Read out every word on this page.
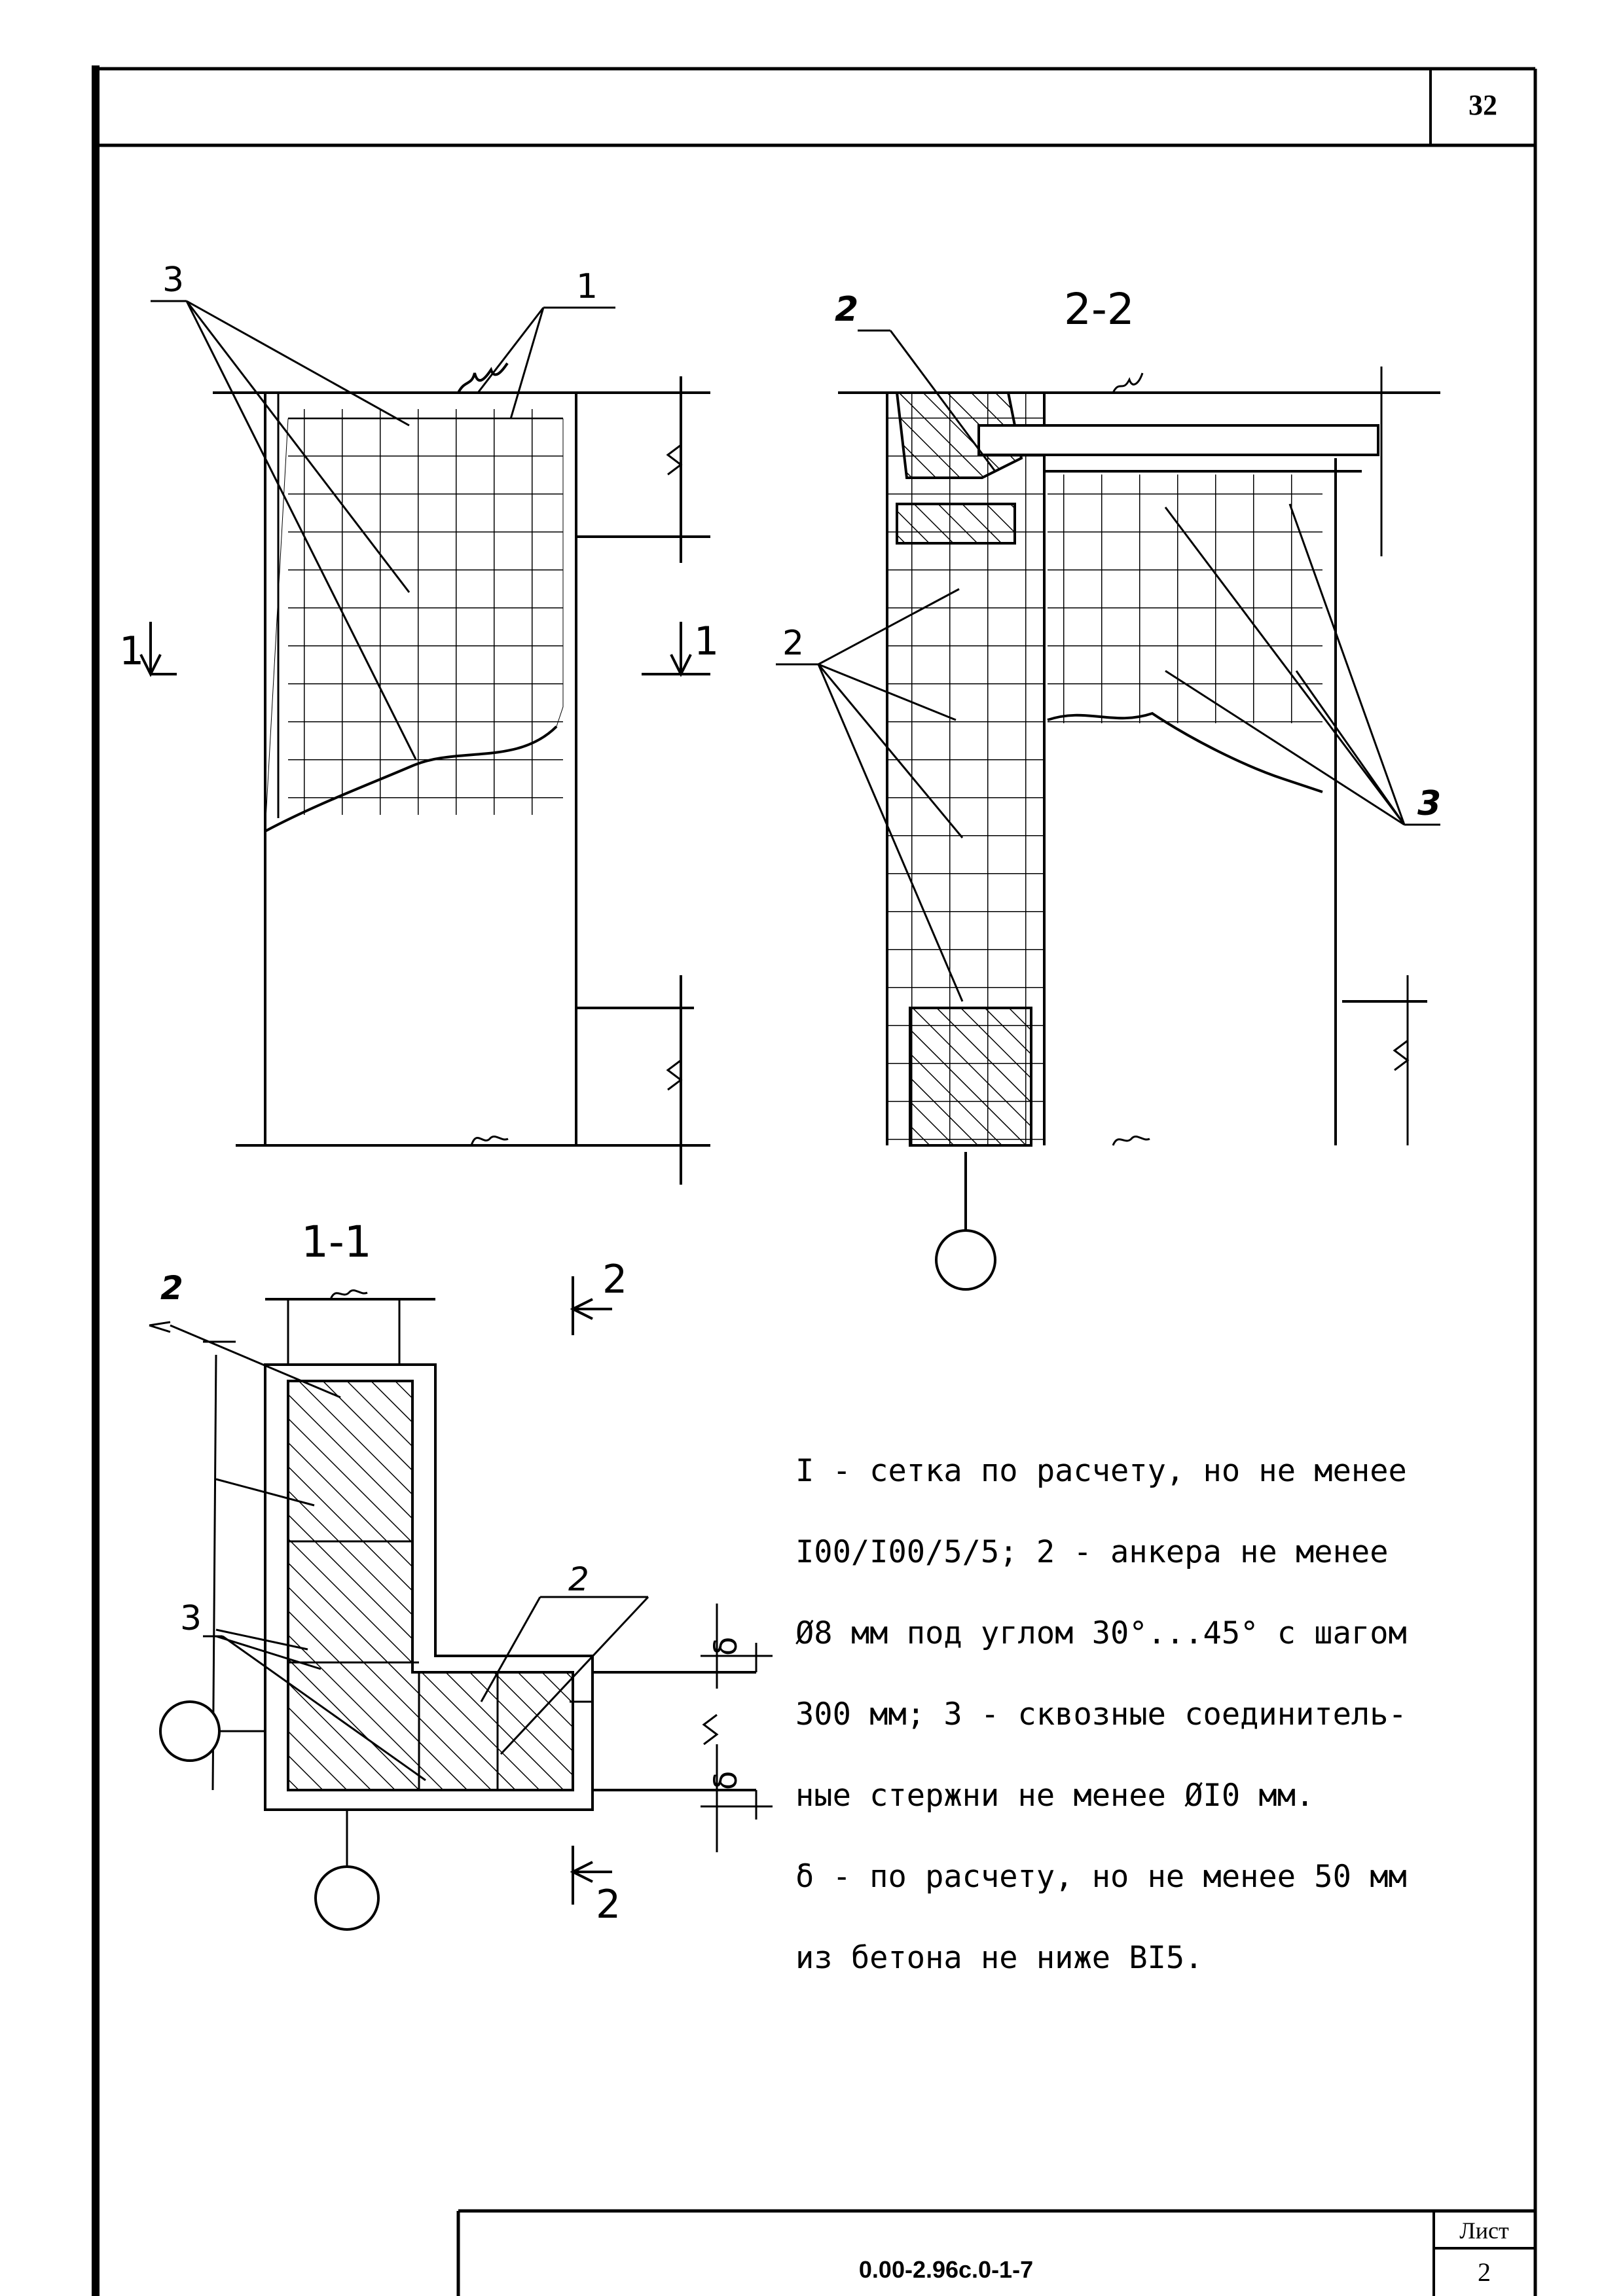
32
3	1
1	1
2-2
2
2
3
1-1
2
3
2
2
2
δ
δ
0.00-2.96с.0-1-7
Лист
2

I - сетка по расчету, но не менее

I00/I00/5/5; 2 - анкера не менее

Ø8 мм под углом 30°...45° с шагом

300 мм; 3 - сквозные соединитель-

ные стержни не менее ØI0 мм.

δ - по расчету, но не менее 50 мм

из бетона не ниже BI5.
